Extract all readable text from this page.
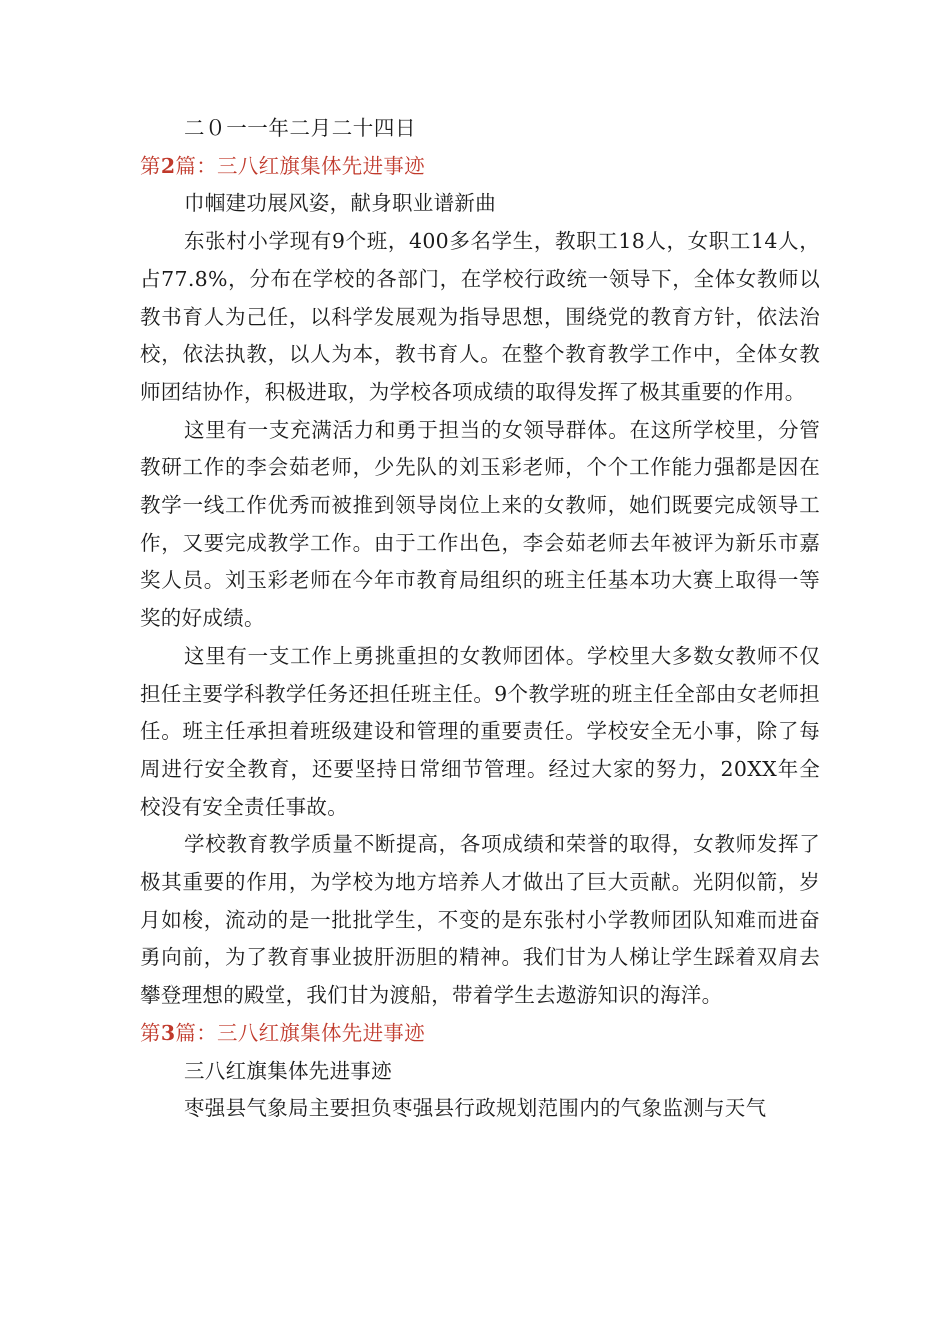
二０一一年二月二十四日

第2篇：三八红旗集体先进事迹

巾帼建功展风姿，献身职业谱新曲

东张村小学现有9个班，400多名学生，教职工18人，女职工14人，占77.8%，分布在学校的各部门，在学校行政统一领导下，全体女教师以教书育人为己任，以科学发展观为指导思想，围绕党的教育方针，依法治校，依法执教，以人为本，教书育人。在整个教育教学工作中，全体女教师团结协作，积极进取，为学校各项成绩的取得发挥了极其重要的作用。

这里有一支充满活力和勇于担当的女领导群体。在这所学校里，分管教研工作的李会茹老师，少先队的刘玉彩老师，个个工作能力强都是因在教学一线工作优秀而被推到领导岗位上来的女教师，她们既要完成领导工作，又要完成教学工作。由于工作出色，李会茹老师去年被评为新乐市嘉奖人员。刘玉彩老师在今年市教育局组织的班主任基本功大赛上取得一等奖的好成绩。

这里有一支工作上勇挑重担的女教师团体。学校里大多数女教师不仅担任主要学科教学任务还担任班主任。9个教学班的班主任全部由女老师担任。班主任承担着班级建设和管理的重要责任。学校安全无小事，除了每周进行安全教育，还要坚持日常细节管理。经过大家的努力，20XX年全校没有安全责任事故。

学校教育教学质量不断提高，各项成绩和荣誉的取得，女教师发挥了极其重要的作用，为学校为地方培养人才做出了巨大贡献。光阴似箭，岁月如梭，流动的是一批批学生，不变的是东张村小学教师团队知难而进奋勇向前，为了教育事业披肝沥胆的精神。我们甘为人梯让学生踩着双肩去攀登理想的殿堂，我们甘为渡船，带着学生去遨游知识的海洋。

第3篇：三八红旗集体先进事迹

三八红旗集体先进事迹

枣强县气象局主要担负枣强县行政规划范围内的气象监测与天气
